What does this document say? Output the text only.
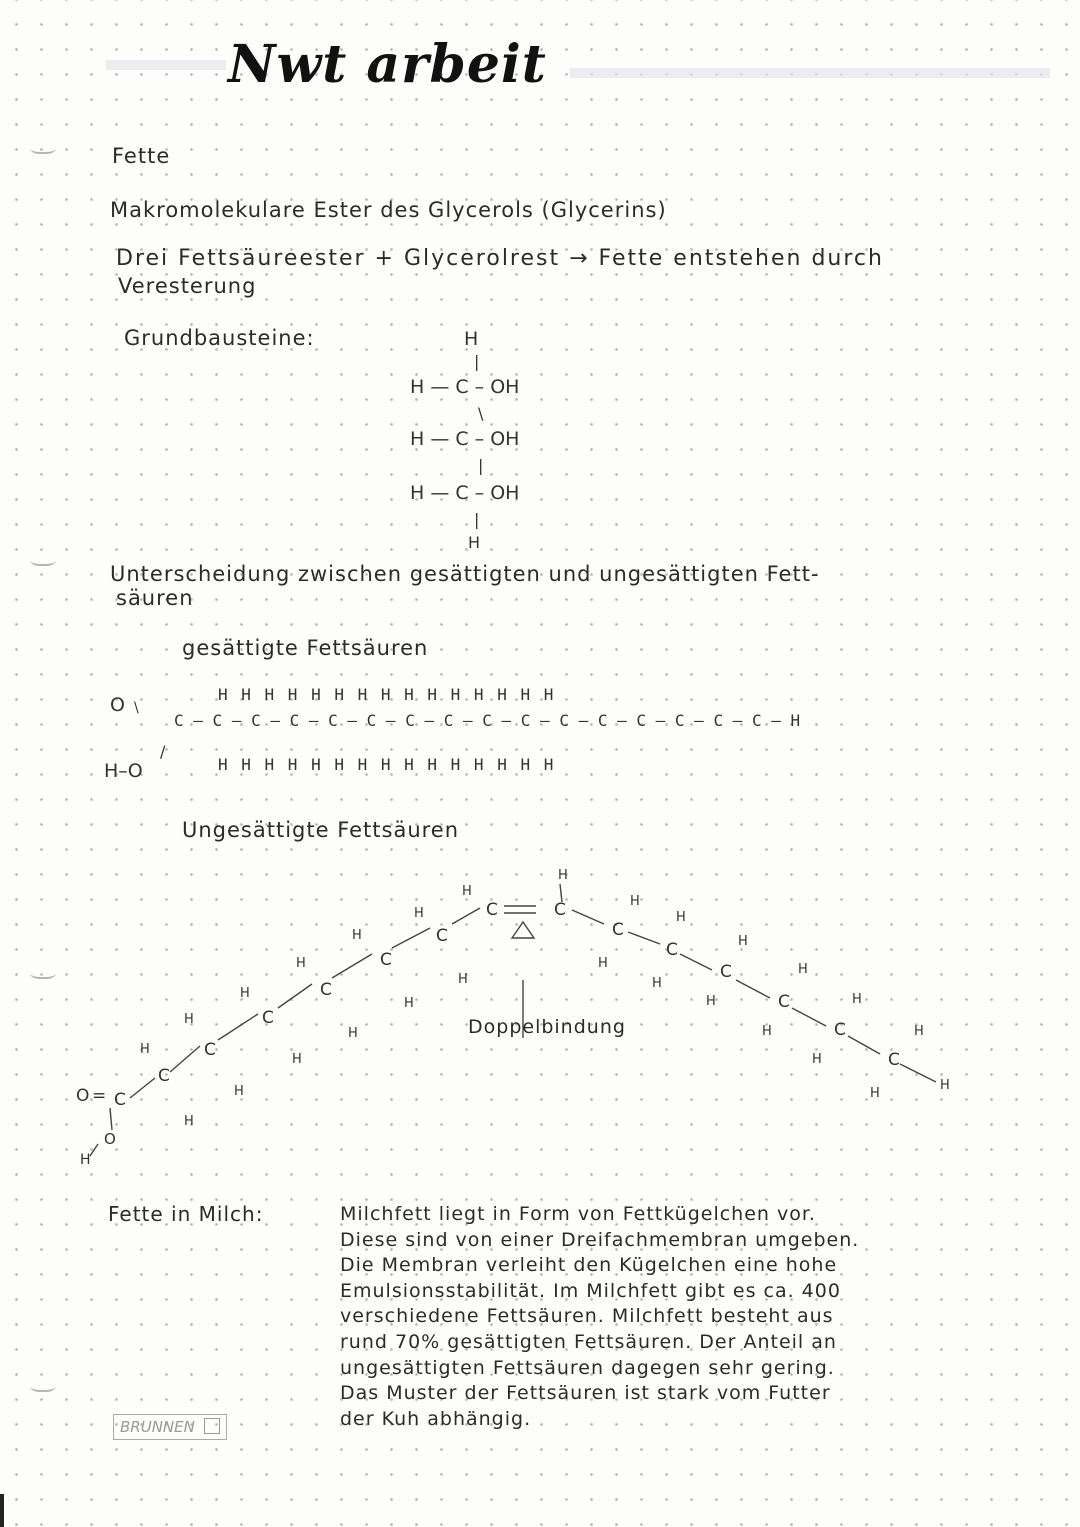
Nwt arbeit
Fette
Makromolekulare Ester des Glycerols (Glycerins)
Drei Fettsäureester + Glycerolrest → Fette entstehen durch
Veresterung
Grundbausteine:	H
|
H — C – OH
\
H — C – OH
|
H — C – OH
|
H
Unterscheidung zwischen gesättigten und ungesättigten Fett-
säuren
gesättigte Fettsäuren
O \
H–O
/
H H H H H H H H H H H H H H H
C – C – C – C – C – C – C – C – C – C – C – C – C – C – C – C – H
H H H H H H H H H H H H H H H
Ungesättigte Fettsäuren
O = C
O
H
C
C
C
C
C
C
C	C
C
C
C
C
C
C
H
H
H
H
H
H
H
H
H
H
H
H
H
H
H
H
H
H
H
H
H
H
H
H
H
H
H
Doppelbindung
Fette in Milch:	Milchfett liegt in Form von Fettkügelchen vor.
Diese sind von einer Dreifachmembran umgeben.
Die Membran verleiht den Kügelchen eine hohe
Emulsionsstabilität. Im Milchfett gibt es ca. 400
verschiedene Fettsäuren. Milchfett besteht aus
rund 70% gesättigten Fettsäuren. Der Anteil an
ungesättigten Fettsäuren dagegen sehr gering.
Das Muster der Fettsäuren ist stark vom Futter
der Kuh abhängig.
BRUNNEN
